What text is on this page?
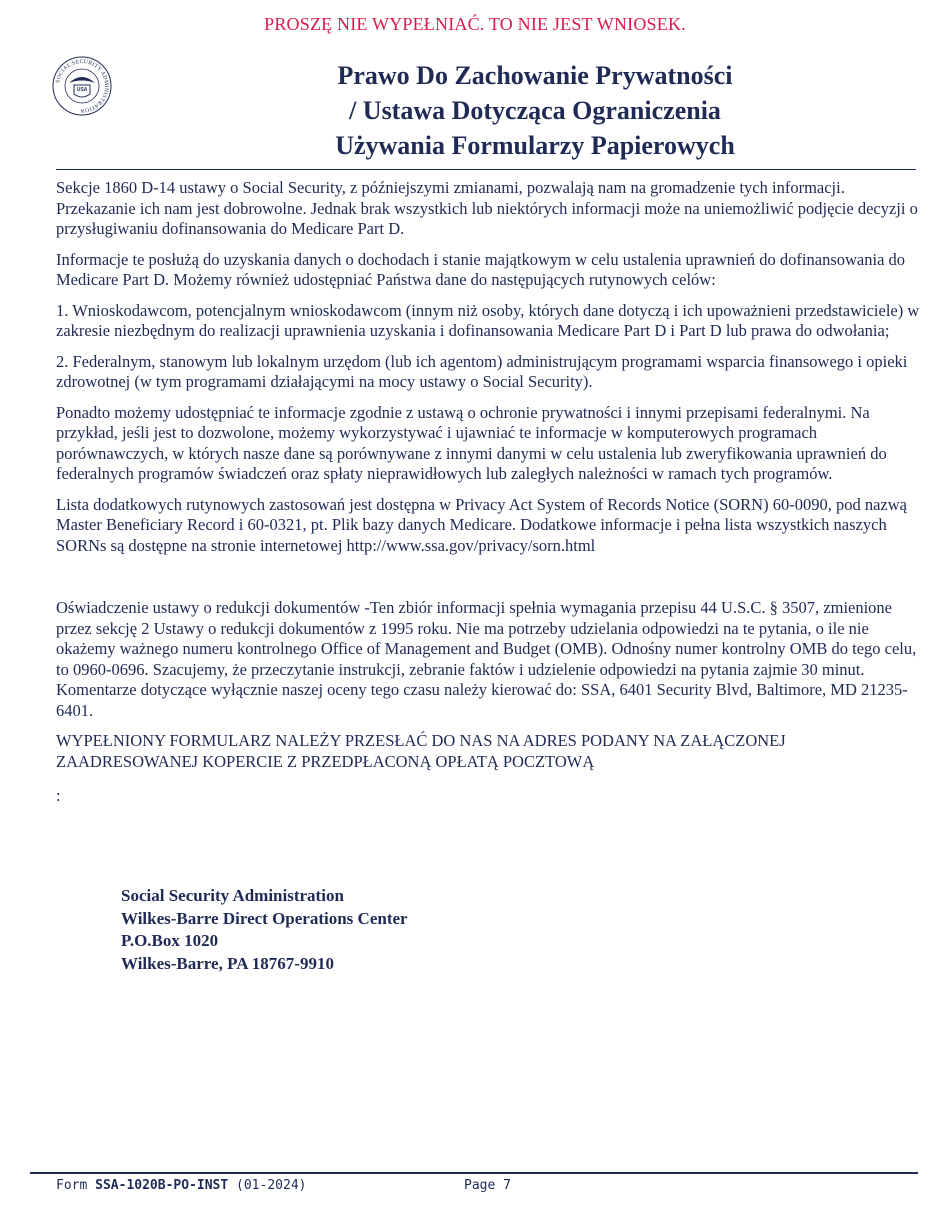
PROSZĘ NIE WYPEŁNIAĆ. TO NIE JEST WNIOSEK.
SOCIAL SECURITY ADMINISTRATION
USA	Prawo Do Zachowanie Prywatności
/ Ustawa Dotycząca Ograniczenia
Używania Formularzy Papierowych

Sekcje 1860 D-14 ustawy o Social Security, z późniejszymi zmianami, pozwalają nam na gromadzenie tych informacji. Przekazanie ich nam jest dobrowolne. Jednak brak wszystkich lub niektórych informacji może na uniemożliwić podjęcie decyzji o przysługiwaniu dofinansowania do Medicare Part D.

Informacje te posłużą do uzyskania danych o dochodach i stanie majątkowym w celu ustalenia uprawnień do dofinansowania do Medicare Part D. Możemy również udostępniać Państwa dane do następujących rutynowych celów:

1. Wnioskodawcom, potencjalnym wnioskodawcom (innym niż osoby, których dane dotyczą i ich upoważnieni przedstawiciele) w zakresie niezbędnym do realizacji uprawnienia uzyskania i dofinansowania Medicare Part D i Part D lub prawa do odwołania;

2. Federalnym, stanowym lub lokalnym urzędom (lub ich agentom) administrującym programami wsparcia finansowego i opieki zdrowotnej (w tym programami działającymi na mocy ustawy o Social Security).

Ponadto możemy udostępniać te informacje zgodnie z ustawą o ochronie prywatności i innymi przepisami federalnymi. Na przykład, jeśli jest to dozwolone, możemy wykorzystywać i ujawniać te informacje w komputerowych programach porównawczych, w których nasze dane są porównywane z innymi danymi w celu ustalenia lub zweryfikowania uprawnień do federalnych programów świadczeń oraz spłaty nieprawidłowych lub zaległych należności w ramach tych programów.

Lista dodatkowych rutynowych zastosowań jest dostępna w Privacy Act System of Records Notice (SORN) 60-0090, pod nazwą Master Beneficiary Record i 60-0321, pt. Plik bazy danych Medicare. Dodatkowe informacje i pełna lista wszystkich naszych SORNs są dostępne na stronie internetowej http://www.ssa.gov/privacy/sorn.html

Oświadczenie ustawy o redukcji dokumentów -Ten zbiór informacji spełnia wymagania przepisu 44 U.S.C. § 3507, zmienione przez sekcję 2 Ustawy o redukcji dokumentów z 1995 roku. Nie ma potrzeby udzielania odpowiedzi na te pytania, o ile nie okażemy ważnego numeru kontrolnego Office of Management and Budget (OMB). Odnośny numer kontrolny OMB do tego celu, to 0960-0696. Szacujemy, że przeczytanie instrukcji, zebranie faktów i udzielenie odpowiedzi na pytania zajmie 30 minut. Komentarze dotyczące wyłącznie naszej oceny tego czasu należy kierować do: SSA, 6401 Security Blvd, Baltimore, MD 21235-6401.

WYPEŁNIONY FORMULARZ NALEŻY PRZESŁAĆ DO NAS NA ADRES PODANY NA ZAŁĄCZONEJ ZAADRESOWANEJ KOPERCIE Z PRZEDPŁACONĄ OPŁATĄ POCZTOWĄ

:
Social Security Administration
Wilkes-Barre Direct Operations Center
P.O.Box 1020
Wilkes-Barre, PA 18767-9910
Form SSA-1020B-PO-INST (01-2024)	Page 7
